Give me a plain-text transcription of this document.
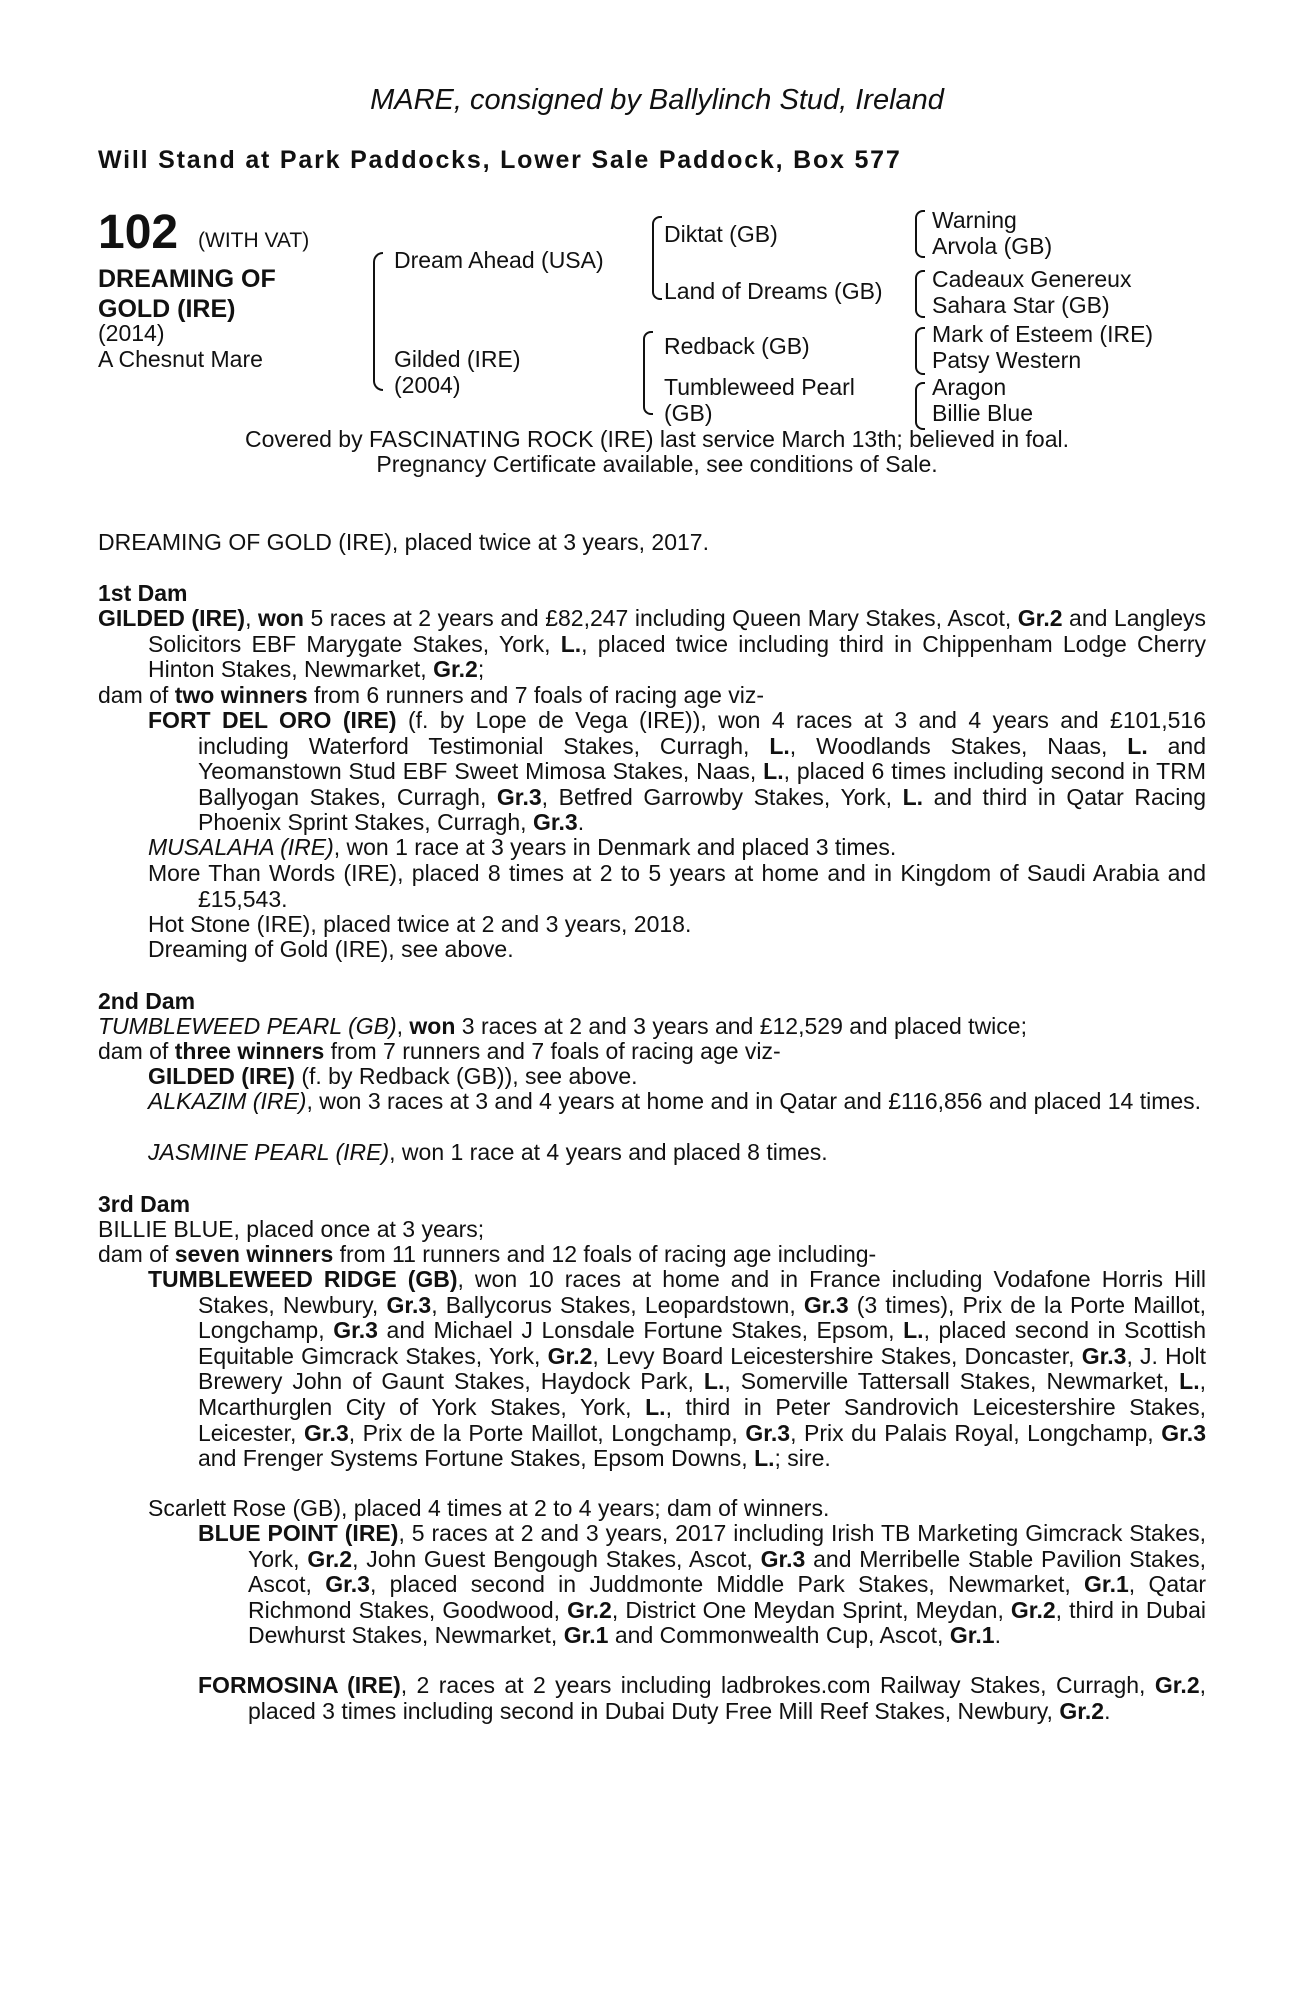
MARE, consigned by Ballylinch Stud, Ireland
Will Stand at Park Paddocks, Lower Sale Paddock, Box 577
102 (WITH VAT)
DREAMING OF
GOLD (IRE)
(2014)
A Chesnut Mare
Dream Ahead (USA)
Gilded (IRE)
(2004)
Diktat (GB)
Land of Dreams (GB)
Redback (GB)
Tumbleweed Pearl
(GB)
Warning
Arvola (GB)
Cadeaux Genereux
Sahara Star (GB)
Mark of Esteem (IRE)
Patsy Western
Aragon
Billie Blue
Covered by FASCINATING ROCK (IRE) last service March 13th; believed in foal.
Pregnancy Certificate available, see conditions of Sale.
DREAMING OF GOLD (IRE), placed twice at 3 years, 2017.
1st Dam
GILDED (IRE), won 5 races at 2 years and £82,247 including Queen Mary Stakes, Ascot, Gr.2 and Langleys Solicitors EBF Marygate Stakes, York, L., placed twice including third in Chippenham Lodge Cherry Hinton Stakes, Newmarket, Gr.2;
dam of two winners from 6 runners and 7 foals of racing age viz-
FORT DEL ORO (IRE) (f. by Lope de Vega (IRE)), won 4 races at 3 and 4 years and £101,516 including Waterford Testimonial Stakes, Curragh, L., Woodlands Stakes, Naas, L. and Yeomanstown Stud EBF Sweet Mimosa Stakes, Naas, L., placed 6 times including second in TRM Ballyogan Stakes, Curragh, Gr.3, Betfred Garrowby Stakes, York, L. and third in Qatar Racing Phoenix Sprint Stakes, Curragh, Gr.3.
MUSALAHA (IRE), won 1 race at 3 years in Denmark and placed 3 times.
More Than Words (IRE), placed 8 times at 2 to 5 years at home and in Kingdom of Saudi Arabia and £15,543.
Hot Stone (IRE), placed twice at 2 and 3 years, 2018.
Dreaming of Gold (IRE), see above.
2nd Dam
TUMBLEWEED PEARL (GB), won 3 races at 2 and 3 years and £12,529 and placed twice;
dam of three winners from 7 runners and 7 foals of racing age viz-
GILDED (IRE) (f. by Redback (GB)), see above.
ALKAZIM (IRE), won 3 races at 3 and 4 years at home and in Qatar and £116,856 and placed 14 times.
JASMINE PEARL (IRE), won 1 race at 4 years and placed 8 times.
3rd Dam
BILLIE BLUE, placed once at 3 years;
dam of seven winners from 11 runners and 12 foals of racing age including-
TUMBLEWEED RIDGE (GB), won 10 races at home and in France including Vodafone Horris Hill Stakes, Newbury, Gr.3, Ballycorus Stakes, Leopardstown, Gr.3 (3 times), Prix de la Porte Maillot, Longchamp, Gr.3 and Michael J Lonsdale Fortune Stakes, Epsom, L., placed second in Scottish Equitable Gimcrack Stakes, York, Gr.2, Levy Board Leicestershire Stakes, Doncaster, Gr.3, J. Holt Brewery John of Gaunt Stakes, Haydock Park, L., Somerville Tattersall Stakes, Newmarket, L., Mcarthurglen City of York Stakes, York, L., third in Peter Sandrovich Leicestershire Stakes, Leicester, Gr.3, Prix de la Porte Maillot, Longchamp, Gr.3, Prix du Palais Royal, Longchamp, Gr.3 and Frenger Systems Fortune Stakes, Epsom Downs, L.; sire.
Scarlett Rose (GB), placed 4 times at 2 to 4 years; dam of winners.
BLUE POINT (IRE), 5 races at 2 and 3 years, 2017 including Irish TB Marketing Gimcrack Stakes, York, Gr.2, John Guest Bengough Stakes, Ascot, Gr.3 and Merribelle Stable Pavilion Stakes, Ascot, Gr.3, placed second in Juddmonte Middle Park Stakes, Newmarket, Gr.1, Qatar Richmond Stakes, Goodwood, Gr.2, District One Meydan Sprint, Meydan, Gr.2, third in Dubai Dewhurst Stakes, Newmarket, Gr.1 and Commonwealth Cup, Ascot, Gr.1.
FORMOSINA (IRE), 2 races at 2 years including ladbrokes.com Railway Stakes, Curragh, Gr.2, placed 3 times including second in Dubai Duty Free Mill Reef Stakes, Newbury, Gr.2.
